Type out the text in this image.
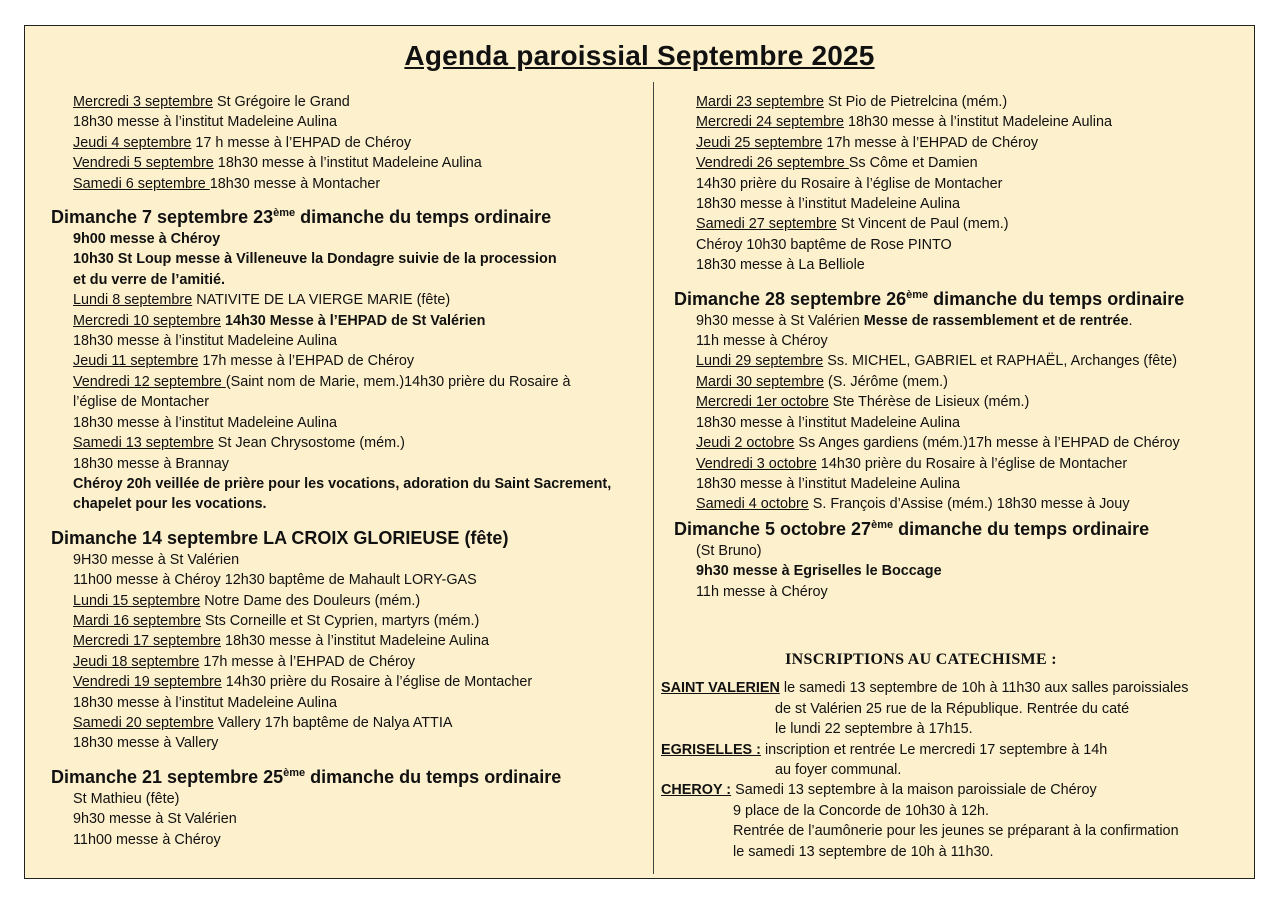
Agenda paroissial Septembre 2025
Mercredi 3 septembre St Grégoire le Grand
18h30 messe à l’institut Madeleine Aulina
Jeudi 4 septembre 17 h messe à l’EHPAD de Chéroy
Vendredi 5 septembre 18h30 messe à l’institut Madeleine Aulina
Samedi 6 septembre 18h30 messe à Montacher
Dimanche 7 septembre 23ème dimanche du temps ordinaire
9h00 messe à Chéroy
10h30 St Loup messe à Villeneuve la Dondagre suivie de la procession
et du verre de l’amitié.
Lundi 8 septembre NATIVITE DE LA VIERGE MARIE (fête)
Mercredi 10 septembre 14h30 Messe à l’EHPAD de St Valérien
18h30 messe à l’institut Madeleine Aulina
Jeudi 11 septembre 17h messe à l’EHPAD de Chéroy
Vendredi 12 septembre (Saint nom de Marie, mem.)14h30 prière du Rosaire à
l’église de Montacher
18h30 messe à l’institut Madeleine Aulina
Samedi 13 septembre St Jean Chrysostome (mém.)
18h30 messe à Brannay
Chéroy 20h veillée de prière pour les vocations, adoration du Saint Sacrement,
chapelet pour les vocations.
Dimanche 14 septembre LA CROIX GLORIEUSE (fête)
9H30 messe à St Valérien
11h00 messe à Chéroy 12h30 baptême de Mahault LORY-GAS
Lundi 15 septembre Notre Dame des Douleurs (mém.)
Mardi 16 septembre Sts Corneille et St Cyprien, martyrs (mém.)
Mercredi 17 septembre 18h30 messe à l’institut Madeleine Aulina
Jeudi 18 septembre 17h messe à l’EHPAD de Chéroy
Vendredi 19 septembre 14h30 prière du Rosaire à l’église de Montacher
18h30 messe à l’institut Madeleine Aulina
Samedi 20 septembre Vallery 17h baptême de Nalya ATTIA
18h30 messe à Vallery
Dimanche 21 septembre 25ème dimanche du temps ordinaire
St Mathieu (fête)
9h30 messe à St Valérien
11h00 messe à Chéroy
Mardi 23 septembre St Pio de Pietrelcina (mém.)
Mercredi 24 septembre 18h30 messe à l’institut Madeleine Aulina
Jeudi 25 septembre 17h messe à l’EHPAD de Chéroy
Vendredi 26 septembre Ss Côme et Damien
14h30 prière du Rosaire à l’église de Montacher
18h30 messe à l’institut Madeleine Aulina
Samedi 27 septembre St Vincent de Paul (mem.)
Chéroy 10h30 baptême de Rose PINTO
18h30 messe à La Belliole
Dimanche 28 septembre 26ème dimanche du temps ordinaire
9h30 messe à St Valérien Messe de rassemblement et de rentrée.
11h messe à Chéroy
Lundi 29 septembre Ss. MICHEL, GABRIEL et RAPHAËL, Archanges (fête)
Mardi 30 septembre (S. Jérôme (mem.)
Mercredi 1er octobre Ste Thérèse de Lisieux (mém.)
18h30 messe à l’institut Madeleine Aulina
Jeudi 2 octobre Ss Anges gardiens (mém.)17h messe à l’EHPAD de Chéroy
Vendredi 3 octobre 14h30 prière du Rosaire à l’église de Montacher
18h30 messe à l’institut Madeleine Aulina
Samedi 4 octobre S. François d’Assise (mém.) 18h30 messe à Jouy
Dimanche 5 octobre 27ème dimanche du temps ordinaire
(St Bruno)
9h30 messe à Egriselles le Boccage
11h messe à Chéroy
INSCRIPTIONS AU CATECHISME :
SAINT VALERIEN le samedi 13 septembre de 10h à 11h30 aux salles paroissiales
de st Valérien 25 rue de la République. Rentrée du caté
le lundi 22 septembre à 17h15.
EGRISELLES : inscription et rentrée Le mercredi 17 septembre à 14h
au foyer communal.
CHEROY : Samedi 13 septembre à la maison paroissiale de Chéroy
9 place de la Concorde de 10h30 à 12h.
Rentrée de l’aumônerie pour les jeunes se préparant à la confirmation
le samedi 13 septembre de 10h à 11h30.
